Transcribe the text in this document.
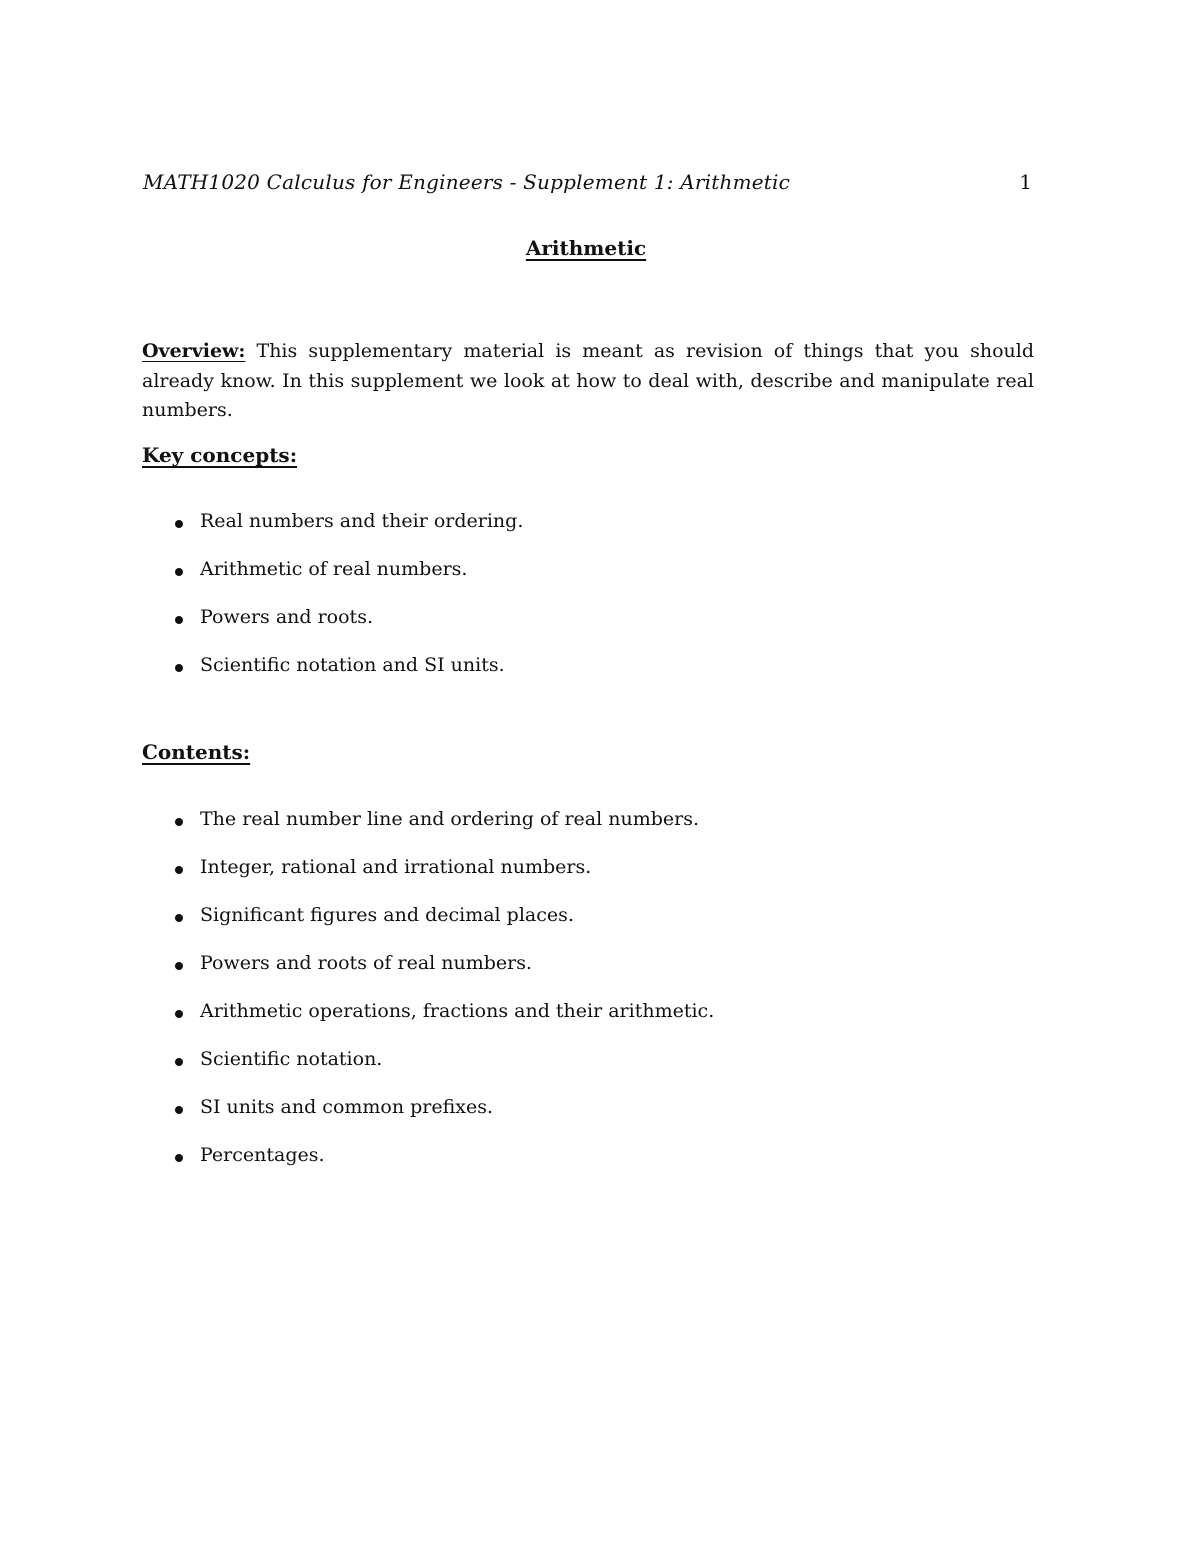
MATH1020 Calculus for Engineers - Supplement 1: Arithmetic	1
Arithmetic

Overview: This supplementary material is meant as revision of things that you should already know. In this supplement we look at how to deal with, describe and manipulate real numbers.

Key concepts:
Real numbers and their ordering.
Arithmetic of real numbers.
Powers and roots.
Scientific notation and SI units.
Contents:
The real number line and ordering of real numbers.
Integer, rational and irrational numbers.
Significant figures and decimal places.
Powers and roots of real numbers.
Arithmetic operations, fractions and their arithmetic.
Scientific notation.
SI units and common prefixes.
Percentages.
